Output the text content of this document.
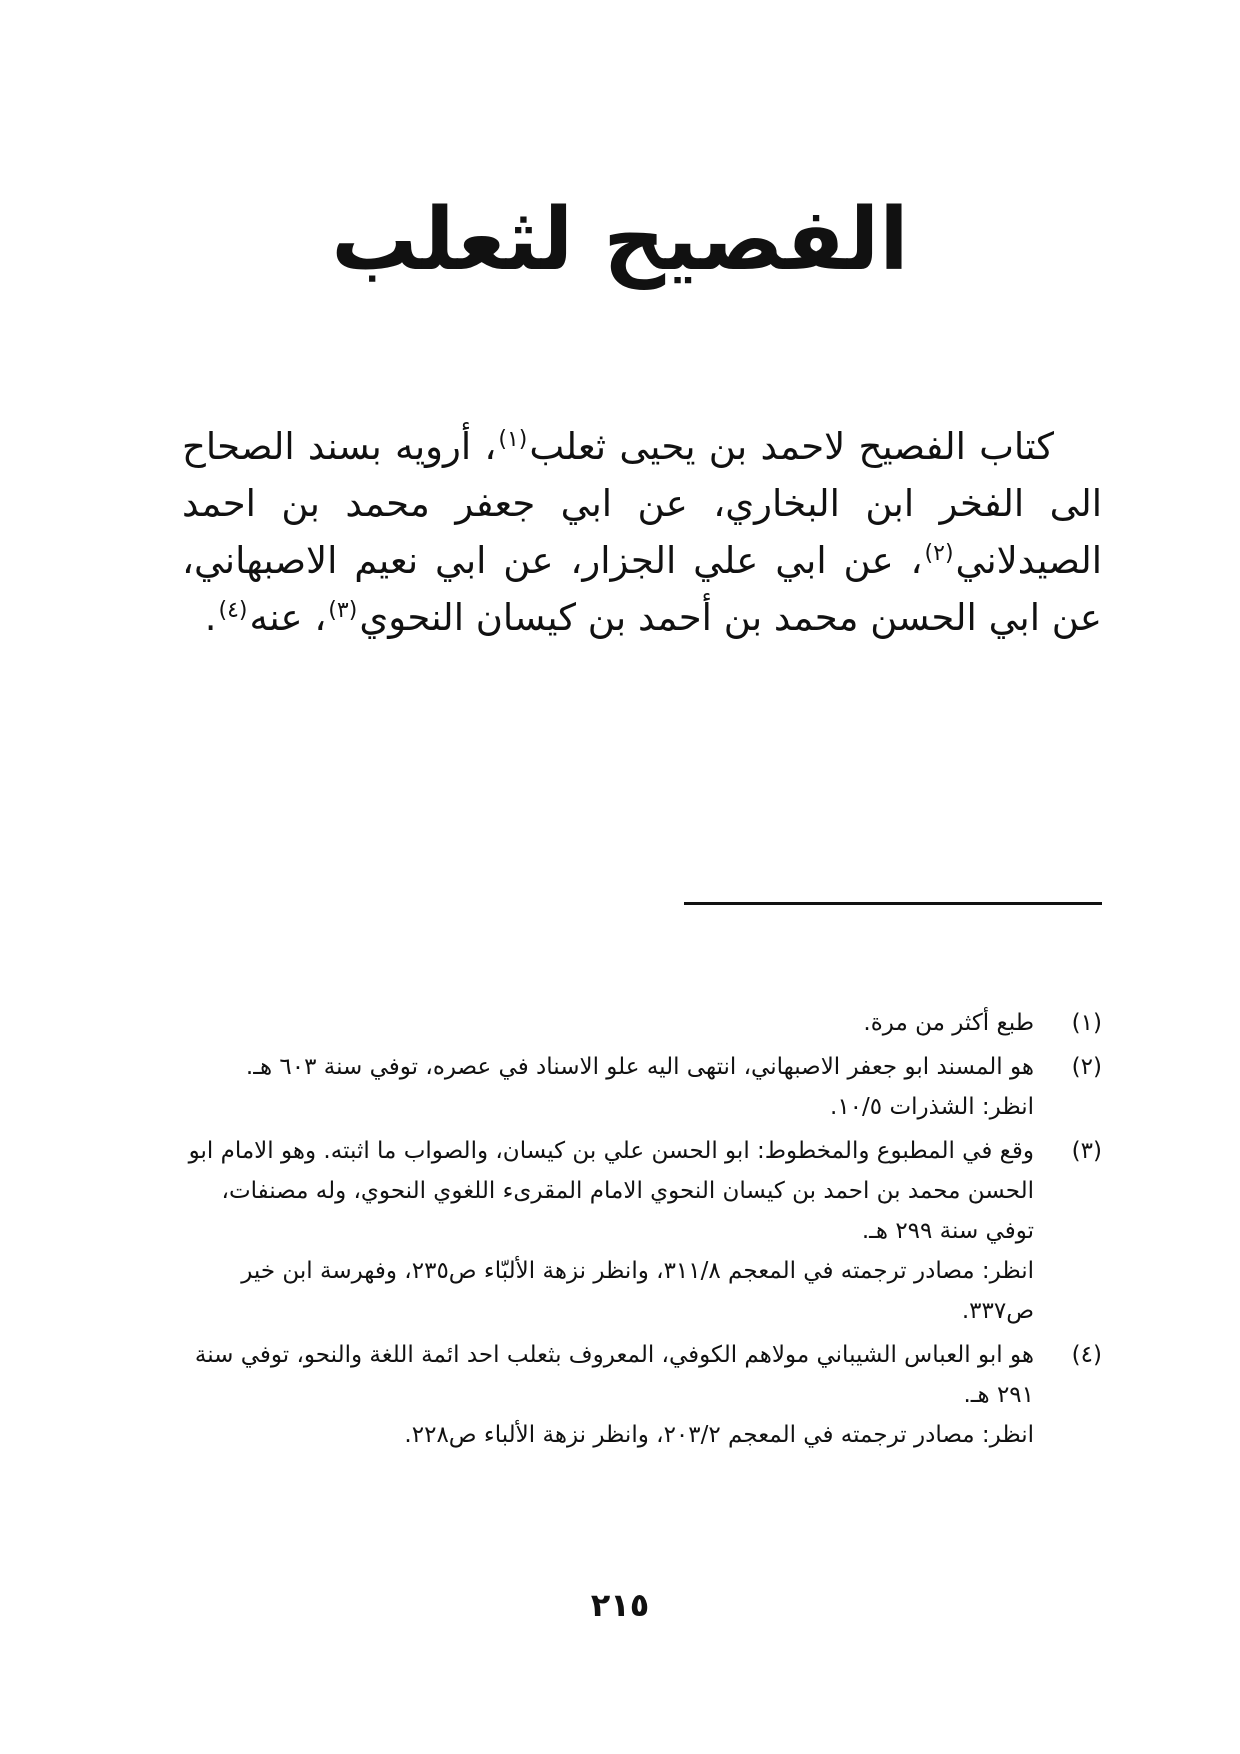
الفصيح لثعلب

كتاب الفصيح لاحمد بن يحيى ثعلب$^{(١)}$، أرويه بسند الصحاح الى الفخر ابن البخاري، عن ابي جعفر محمد بن احمد الصيدلاني$^{(٢)}$، عن ابي علي الجزار، عن ابي نعيم الاصبهاني، عن ابي الحسن محمد بن أحمد بن كيسان النحوي$^{(٣)}$، عنه$^{(٤)}$.

(١)
طبع أكثر من مرة.
(٢)
هو المسند ابو جعفر الاصبهاني، انتهى اليه علو الاسناد في عصره، توفي سنة ٦٠٣ هـ.
انظر: الشذرات ١٠/٥.
(٣)
وقع في المطبوع والمخطوط: ابو الحسن علي بن كيسان، والصواب ما اثبته. وهو الامام ابو الحسن محمد بن احمد بن كيسان النحوي الامام المقرىء اللغوي النحوي، وله مصنفات، توفي سنة ٢٩٩ هـ.
انظر: مصادر ترجمته في المعجم ٣١١/٨، وانظر نزهة الألبّاء ص٢٣٥، وفهرسة ابن خير ص٣٣٧.
(٤)
هو ابو العباس الشيباني مولاهم الكوفي، المعروف بثعلب احد ائمة اللغة والنحو، توفي سنة ٢٩١ هـ.
انظر: مصادر ترجمته في المعجم ٢٠٣/٢، وانظر نزهة الألباء ص٢٢٨.
٢١٥
